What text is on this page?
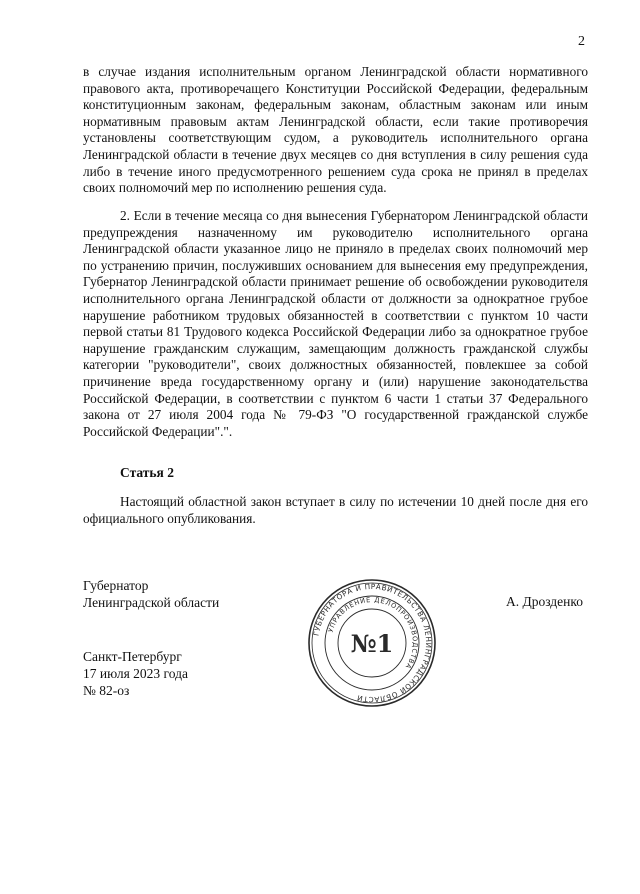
2

в случае издания исполнительным органом Ленинградской области нормативного правового акта, противоречащего Конституции Российской Федерации, федеральным конституционным законам, федеральным законам, областным законам или иным нормативным правовым актам Ленинградской области, если такие противоречия установлены соответствующим судом, а руководитель исполнительного органа Ленинградской области в течение двух месяцев со дня вступления в силу решения суда либо в течение иного предусмотренного решением суда срока не принял в пределах своих полномочий мер по исполнению решения суда.

2. Если в течение месяца со дня вынесения Губернатором Ленинградской области предупреждения назначенному им руководителю исполнительного органа Ленинградской области указанное лицо не приняло в пределах своих полномочий мер по устранению причин, послуживших основанием для вынесения ему предупреждения, Губернатор Ленинградской области принимает решение об освобождении руководителя исполнительного органа Ленинградской области от должности за однократное грубое нарушение работником трудовых обязанностей в соответствии с пунктом 10 части первой статьи 81 Трудового кодекса Российской Федерации либо за однократное грубое нарушение гражданским служащим, замещающим должность гражданской службы категории "руководители", своих должностных обязанностей, повлекшее за собой причинение вреда государственному органу и (или) нарушение законодательства Российской Федерации, в соответствии с пунктом 6 части 1 статьи 37 Федерального закона от 27 июля 2004 года № 79-ФЗ "О государственной гражданской службе Российской Федерации".".

Статья 2

Настоящий областной закон вступает в силу по истечении 10 дней после дня его официального опубликования.

Губернатор
Ленинградской области	А. Дрозденко
Санкт-Петербург
17 июля 2023 года
№ 82-оз
ГУБЕРНАТОРА И ПРАВИТЕЛЬСТВА ЛЕНИНГРАДСКОЙ ОБЛАСТИ
УПРАВЛЕНИЕ ДЕЛОПРОИЗВОДСТВА
№1
